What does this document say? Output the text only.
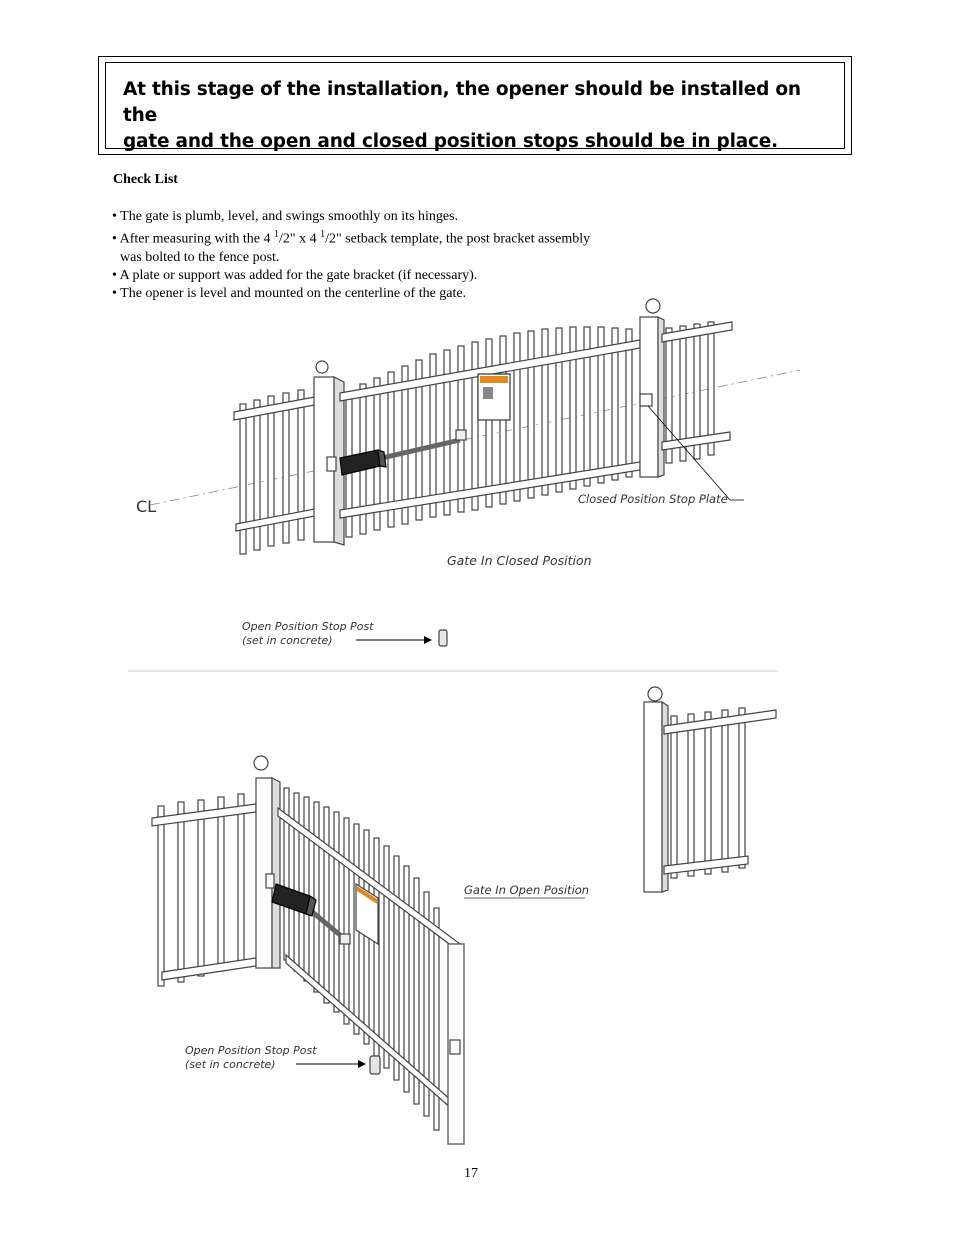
At this stage of the installation, the opener should be installed on the
gate and the open and closed position stops should be in place.

Check List
• The gate is plumb, level, and swings smoothly on its hinges.
• After measuring with the 4 $^1$/2" x 4 $^1$/2" setback template, the post bracket assembly
was bolted to the fence post.
• A plate or support was added for the gate bracket (if necessary).
• The opener is level and mounted on the centerline of the gate.
CL	Closed Position Stop Plate
Gate In Closed Position
Open Position Stop Post
(set in concrete)
Gate In Open Position
Open Position Stop Post
(set in concrete)
17
